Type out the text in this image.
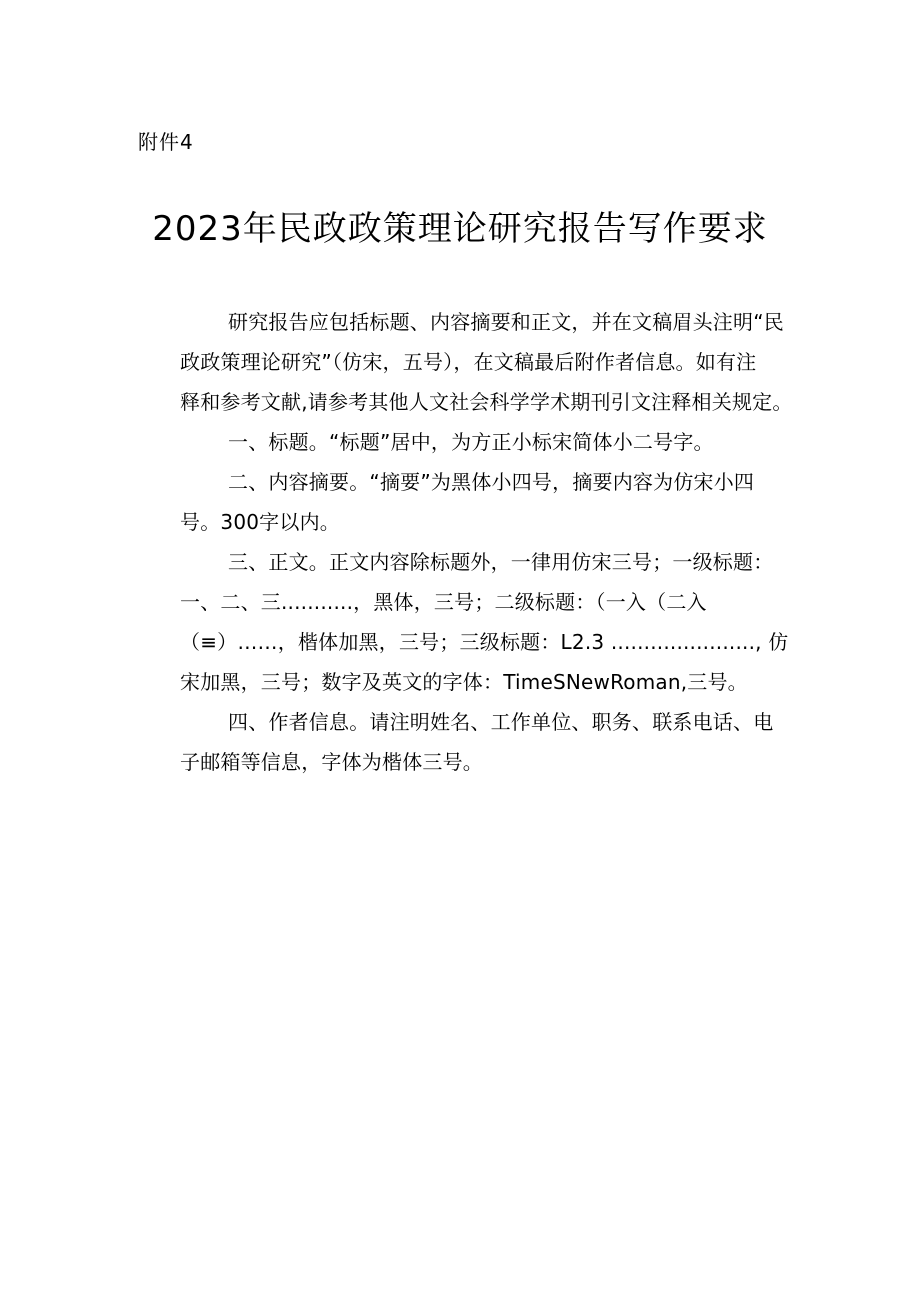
附件4
2023年民政政策理论研究报告写作要求
研究报告应包括标题、内容摘要和正文，并在文稿眉头注明“民
政政策理论研究”（仿宋，五号），在文稿最后附作者信息。如有注
释和参考文献,请参考其他人文社会科学学术期刊引文注释相关规定。
一、标题。“标题”居中，为方正小标宋简体小二号字。
二、内容摘要。“摘要”为黑体小四号，摘要内容为仿宋小四
号。300字以内。
三、正文。正文内容除标题外，一律用仿宋三号；一级标题：
一、二、三...........，黑体，三号；二级标题：（一入（二入
（≡）……，楷体加黑，三号；三级标题：L2.3 ......................, 仿
宋加黑，三号；数字及英文的字体：TimeSNewRoman,三号。
四、作者信息。请注明姓名、工作单位、职务、联系电话、电
子邮箱等信息，字体为楷体三号。
